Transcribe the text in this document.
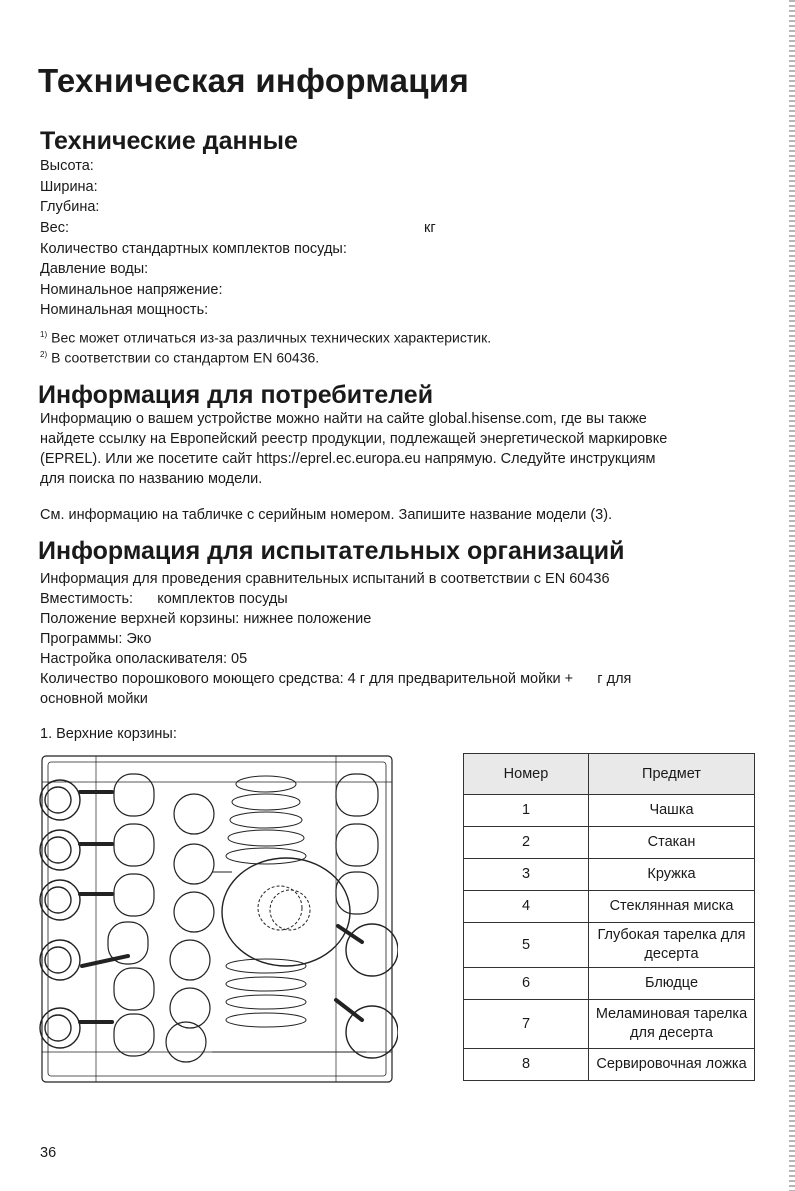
Техническая информация
Технические данные
Высота:
Ширина:
Глубина:
Вес:	кг
Количество стандартных комплектов посуды:
Давление воды:
Номинальное напряжение:
Номинальная мощность:
$^{1)}$ Вес может отличаться из-за различных технических характеристик.
$^{2)}$ В соответствии со стандартом EN 60436.
Информация для потребителей
Информацию о вашем устройстве можно найти на сайте global.hisense.com, где вы также
найдете ссылку на Европейский реестр продукции, подлежащей энергетической маркировке
(EPREL). Или же посетите сайт https://eprel.ec.europa.eu напрямую. Следуйте инструкциям
для поиска по названию модели.
См. информацию на табличке с серийным номером. Запишите название модели (3).
Информация для испытательных организаций
Информация для проведения сравнительных испытаний в соответствии с EN 60436
Вместимость:      комплектов посуды
Положение верхней корзины: нижнее положение
Программы: Эко
Настройка ополаскивателя: 05
Количество порошкового моющего средства: 4 г для предварительной мойки +      г для
основной мойки
1. Верхние корзины:
Номер	Предмет
1	Чашка
2	Стакан
3	Кружка
4	Стеклянная миска
5	Глубокая тарелка для десерта
6	Блюдце
7	Меламиновая тарелка для десерта
8	Сервировочная ложка
36
